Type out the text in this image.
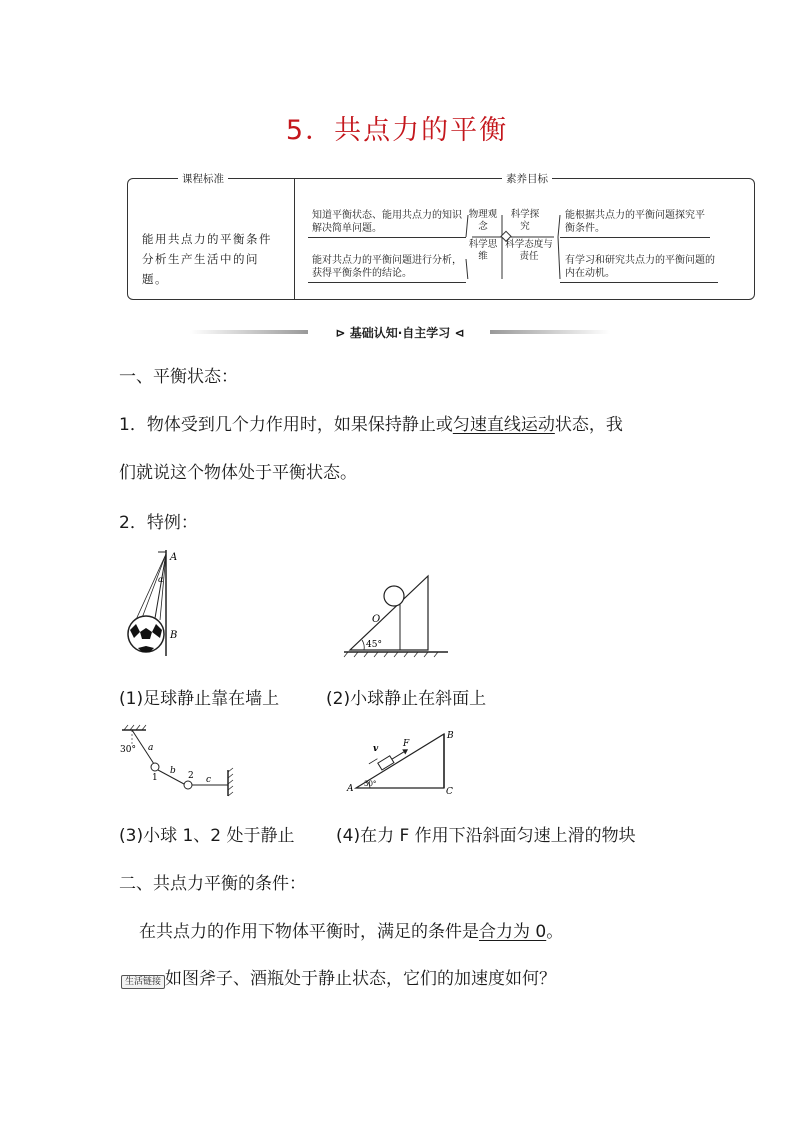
5．共点力的平衡
课程标准	素养目标
能用共点力的平衡条件分析生产生活中的问题。
知道平衡状态、能用共点力的知识解决简单问题。
能对共点力的平衡问题进行分析，获得平衡条件的结论。
物理观念
科学思维
科学探究
科学态度与责任
能根据共点力的平衡问题探究平衡条件。
有学习和研究共点力的平衡问题的内在动机。
⊳ 基础认知·自主学习 ⊲
一、平衡状态：
1．物体受到几个力作用时，如果保持静止或匀速直线运动状态，我
们就说这个物体处于平衡状态。
2．特例：
A
B
α
O
45°
(1)足球静止靠在墙上	(2)小球静止在斜面上
30° a
1
b 2 c
A
B
C
v	F
30°
(3)小球 1、2 处于静止 (4)在力 F 作用下沿斜面匀速上滑的物块
二、共点力平衡的条件：
在共点力的作用下物体平衡时，满足的条件是合力为 0。
生活链接 如图斧子、酒瓶处于静止状态，它们的加速度如何？
